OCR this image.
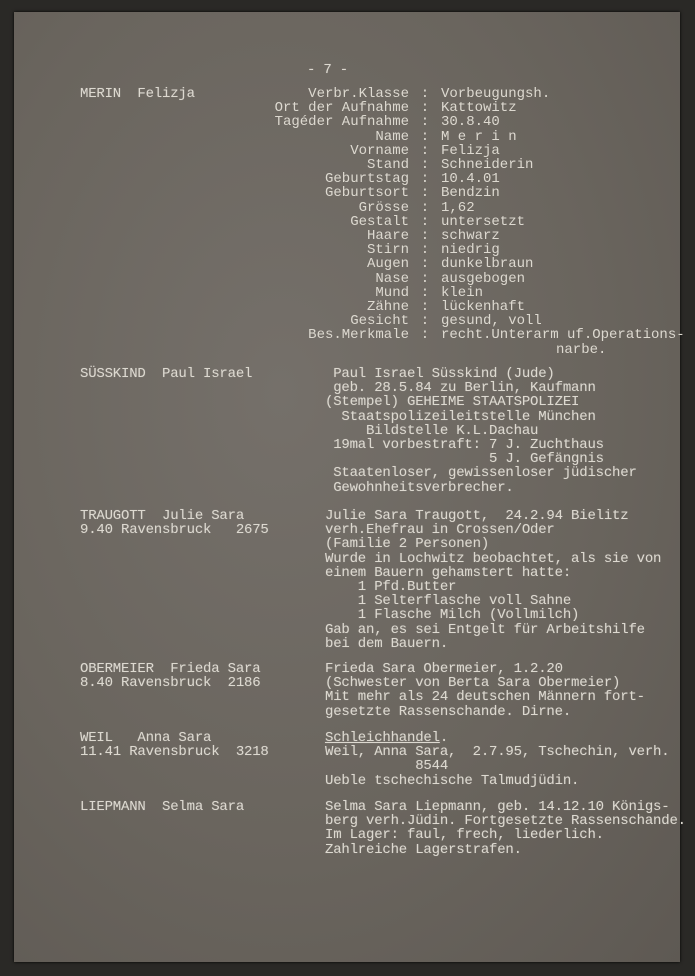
- 7 -
MERIN  Felizja	Verbr.Klasse : Vorbeugungsh.
Ort der Aufnahme : Kattowitz
Tagéder Aufnahme : 30.8.40
Name : M e r i n
Vorname : Felizja
Stand : Schneiderin
Geburtstag : 10.4.01
Geburtsort : Bendzin
Grösse : 1,62
Gestalt : untersetzt
Haare : schwarz
Stirn : niedrig
Augen : dunkelbraun
Nase : ausgebogen
Mund : klein
Zähne : lückenhaft
Gesicht : gesund, voll
Bes.Merkmale : recht.Unterarm uf.Operations-
narbe.
SÜSSKIND  Paul Israel	Paul Israel Süsskind (Jude)
geb. 28.5.84 zu Berlin, Kaufmann
(Stempel) GEHEIME STAATSPOLIZEI
Staatspolizeileitstelle München
Bildstelle K.L.Dachau
19mal vorbestraft: 7 J. Zuchthaus
5 J. Gefängnis
Staatenloser, gewissenloser jüdischer
Gewohnheitsverbrecher.
TRAUGOTT  Julie Sara
9.40 Ravensbruck   2675
Julie Sara Traugott,  24.2.94 Bielitz
verh.Ehefrau in Crossen/Oder
(Familie 2 Personen)
Wurde in Lochwitz beobachtet, als sie von
einem Bauern gehamstert hatte:
1 Pfd.Butter
1 Selterflasche voll Sahne
1 Flasche Milch (Vollmilch)
Gab an, es sei Entgelt für Arbeitshilfe
bei dem Bauern.
OBERMEIER  Frieda Sara
8.40 Ravensbruck  2186
Frieda Sara Obermeier, 1.2.20
(Schwester von Berta Sara Obermeier)
Mit mehr als 24 deutschen Männern fort-
gesetzte Rassenschande. Dirne.
WEIL   Anna Sara
11.41 Ravensbruck  3218
Schleichhandel.
Weil, Anna Sara,  2.7.95, Tschechin, verh.
8544
Ueble tschechische Talmudjüdin.
LIEPMANN  Selma Sara	Selma Sara Liepmann, geb. 14.12.10 Königs-
berg verh.Jüdin. Fortgesetzte Rassenschande.
Im Lager: faul, frech, liederlich.
Zahlreiche Lagerstrafen.
